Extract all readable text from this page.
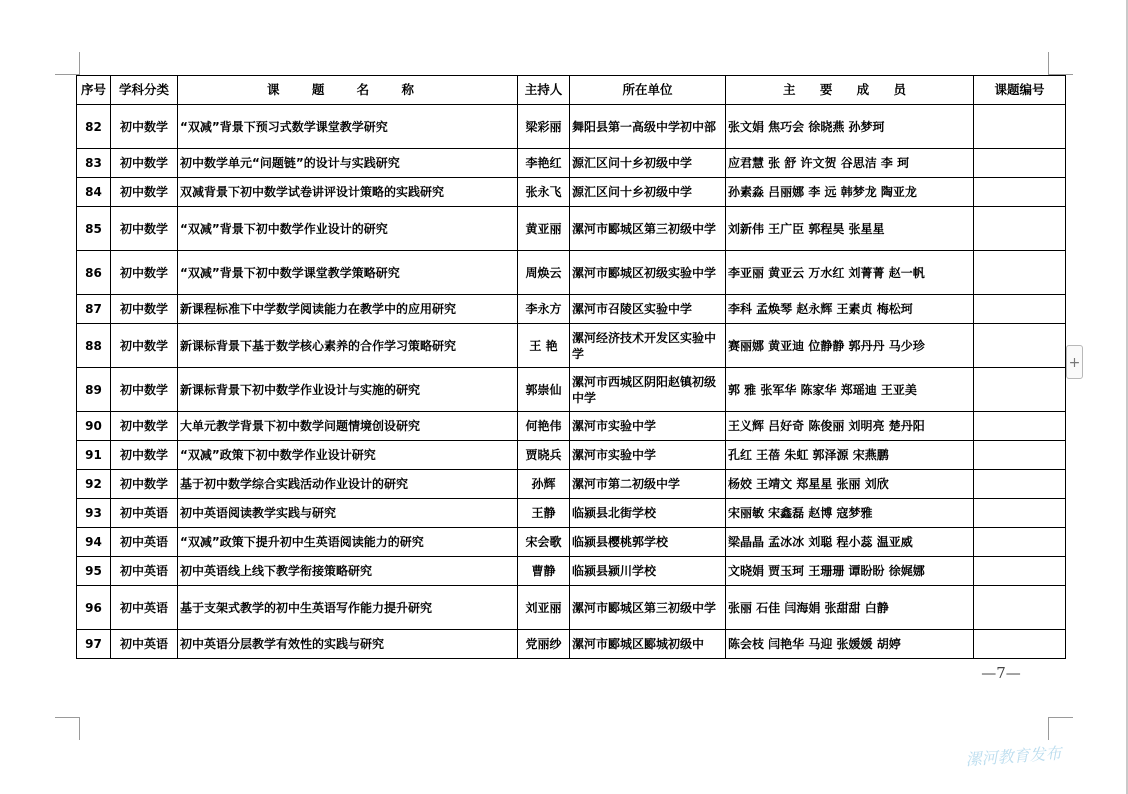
序号	学科分类	课 题 名 称	主持人	所在单位	主 要 成 员	课题编号
82	初中数学	“双减”背景下预习式数学课堂教学研究	梁彩丽	舞阳县第一高级中学初中部	张文娟 焦巧会 徐晓燕 孙梦珂	
83	初中数学	初中数学单元“问题链”的设计与实践研究	李艳红	源汇区问十乡初级中学	应君慧 张 舒 许文贺 谷思洁 李 珂	
84	初中数学	双减背景下初中数学试卷讲评设计策略的实践研究	张永飞	源汇区问十乡初级中学	孙素淼 吕丽娜 李 远 韩梦龙 陶亚龙	
85	初中数学	“双减”背景下初中数学作业设计的研究	黄亚丽	漯河市郾城区第三初级中学	刘新伟 王广臣 郭程昊 张星星	
86	初中数学	“双减”背景下初中数学课堂教学策略研究	周焕云	漯河市郾城区初级实验中学	李亚丽 黄亚云 万水红 刘菁菁 赵一帆	
87	初中数学	新课程标准下中学数学阅读能力在教学中的应用研究	李永方	漯河市召陵区实验中学	李科 孟焕琴 赵永辉 王素贞 梅松珂	
88	初中数学	新课标背景下基于数学核心素养的合作学习策略研究	王 艳	漯河经济技术开发区实验中学	赛丽娜 黄亚迪 位静静 郭丹丹 马少珍	
89	初中数学	新课标背景下初中数学作业设计与实施的研究	郭崇仙	漯河市西城区阴阳赵镇初级中学	郭 雅 张军华 陈家华 郑瑶迪 王亚美	
90	初中数学	大单元教学背景下初中数学问题情境创设研究	何艳伟	漯河市实验中学	王义辉 吕好奇 陈俊丽 刘明亮 楚丹阳	
91	初中数学	“双减”政策下初中数学作业设计研究	贾晓兵	漯河市实验中学	孔红 王蓓 朱虹 郭泽源 宋燕鹏	
92	初中数学	基于初中数学综合实践活动作业设计的研究	孙辉	漯河市第二初级中学	杨姣 王靖文 郑星星 张丽 刘欣	
93	初中英语	初中英语阅读教学实践与研究	王静	临颍县北街学校	宋丽敏 宋鑫磊 赵博 寇梦雅	
94	初中英语	“双减”政策下提升初中生英语阅读能力的研究	宋会歌	临颍县樱桃郭学校	梁晶晶 孟冰冰 刘聪 程小蕊 温亚威	
95	初中英语	初中英语线上线下教学衔接策略研究	曹静	临颍县颍川学校	文晓娟 贾玉珂 王珊珊 谭盼盼 徐娓娜	
96	初中英语	基于支架式教学的初中生英语写作能力提升研究	刘亚丽	漯河市郾城区第三初级中学	张丽 石佳 闫海娟 张甜甜 白静	
97	初中英语	初中英语分层教学有效性的实践与研究	党丽纱	漯河市郾城区郾城初级中	陈会枝 闫艳华 马迎 张媛媛 胡婷	
—7—
+
漯河教育发布
